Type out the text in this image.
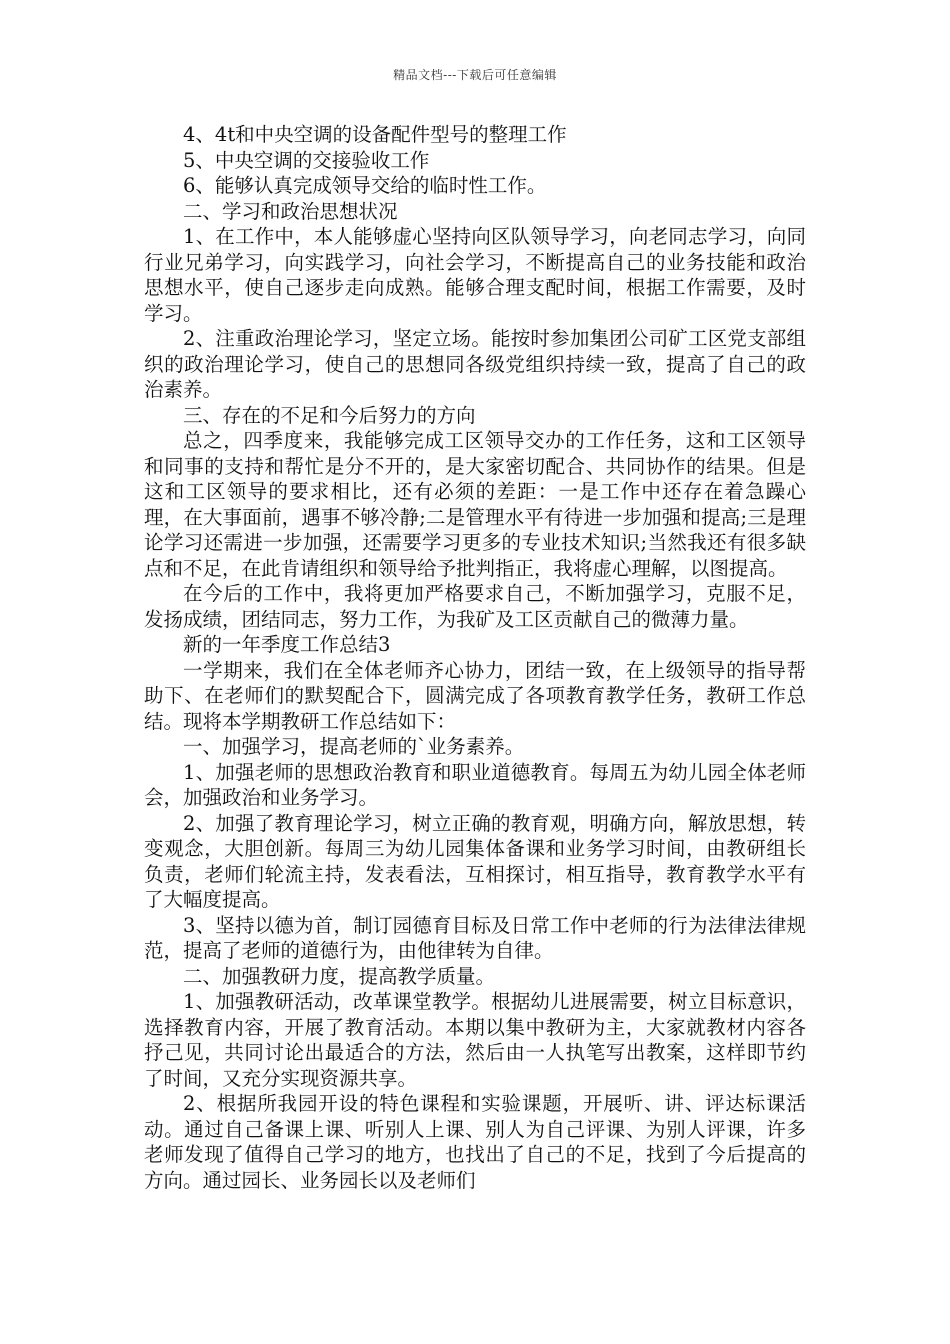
精品文档---下载后可任意编辑

4、4t和中央空调的设备配件型号的整理工作

5、中央空调的交接验收工作

6、能够认真完成领导交给的临时性工作。

二、学习和政治思想状况

1、在工作中，本人能够虚心坚持向区队领导学习，向老同志学习，向同行业兄弟学习，向实践学习，向社会学习，不断提高自己的业务技能和政治思想水平，使自己逐步走向成熟。能够合理支配时间，根据工作需要，及时学习。

2、注重政治理论学习，坚定立场。能按时参加集团公司矿工区党支部组织的政治理论学习，使自己的思想同各级党组织持续一致，提高了自己的政治素养。

三、存在的不足和今后努力的方向

总之，四季度来，我能够完成工区领导交办的工作任务，这和工区领导和同事的支持和帮忙是分不开的，是大家密切配合、共同协作的结果。但是这和工区领导的要求相比，还有必须的差距：一是工作中还存在着急躁心理，在大事面前，遇事不够冷静;二是管理水平有待进一步加强和提高;三是理论学习还需进一步加强，还需要学习更多的专业技术知识;当然我还有很多缺点和不足，在此肯请组织和领导给予批判指正，我将虚心理解，以图提高。

在今后的工作中，我将更加严格要求自己，不断加强学习，克服不足，发扬成绩，团结同志，努力工作，为我矿及工区贡献自己的微薄力量。

新的一年季度工作总结3

一学期来，我们在全体老师齐心协力，团结一致，在上级领导的指导帮助下、在老师们的默契配合下，圆满完成了各项教育教学任务，教研工作总结。现将本学期教研工作总结如下：

一、加强学习，提高老师的`业务素养。

1、加强老师的思想政治教育和职业道德教育。每周五为幼儿园全体老师会，加强政治和业务学习。

2、加强了教育理论学习，树立正确的教育观，明确方向，解放思想，转变观念，大胆创新。每周三为幼儿园集体备课和业务学习时间，由教研组长负责，老师们轮流主持，发表看法，互相探讨，相互指导，教育教学水平有了大幅度提高。

3、坚持以德为首，制订园德育目标及日常工作中老师的行为法律法律规范，提高了老师的道德行为，由他律转为自律。

二、加强教研力度，提高教学质量。

1、加强教研活动，改革课堂教学。根据幼儿进展需要，树立目标意识，选择教育内容，开展了教育活动。本期以集中教研为主，大家就教材内容各抒己见，共同讨论出最适合的方法，然后由一人执笔写出教案，这样即节约了时间，又充分实现资源共享。

2、根据所我园开设的特色课程和实验课题，开展听、讲、评达标课活动。通过自己备课上课、听别人上课、别人为自己评课、为别人评课，许多老师发现了值得自己学习的地方，也找出了自己的不足，找到了今后提高的方向。通过园长、业务园长以及老师们
